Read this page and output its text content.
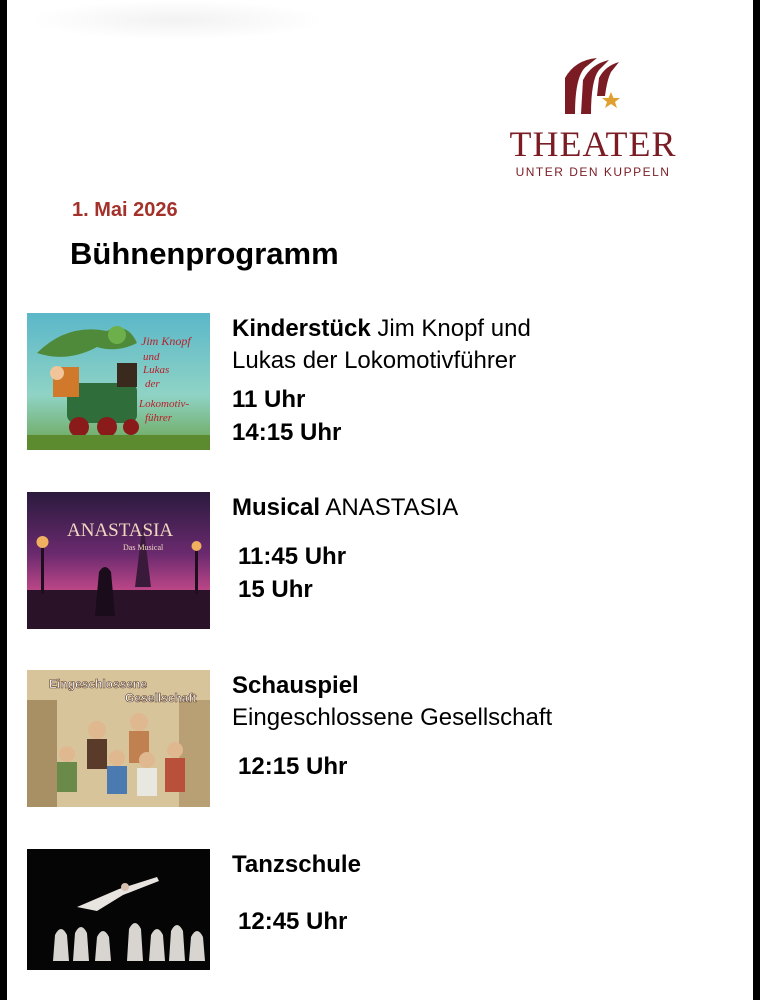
THEATER
UNTER DEN KUPPELN
1. Mai 2026
Bühnenprogramm
Jim Knopf
und
Lukas
der
Lokomotiv-
führer
Kinderstück Jim Knopf und
Lukas der Lokomotivführer
11 Uhr
14:15 Uhr
ANASTASIA
Das Musical
Musical ANASTASIA
11:45 Uhr
15 Uhr
Eingeschlossene
Gesellschaft Schauspiel
Eingeschlossene Gesellschaft
12:15 Uhr
Tanzschule
12:45 Uhr
